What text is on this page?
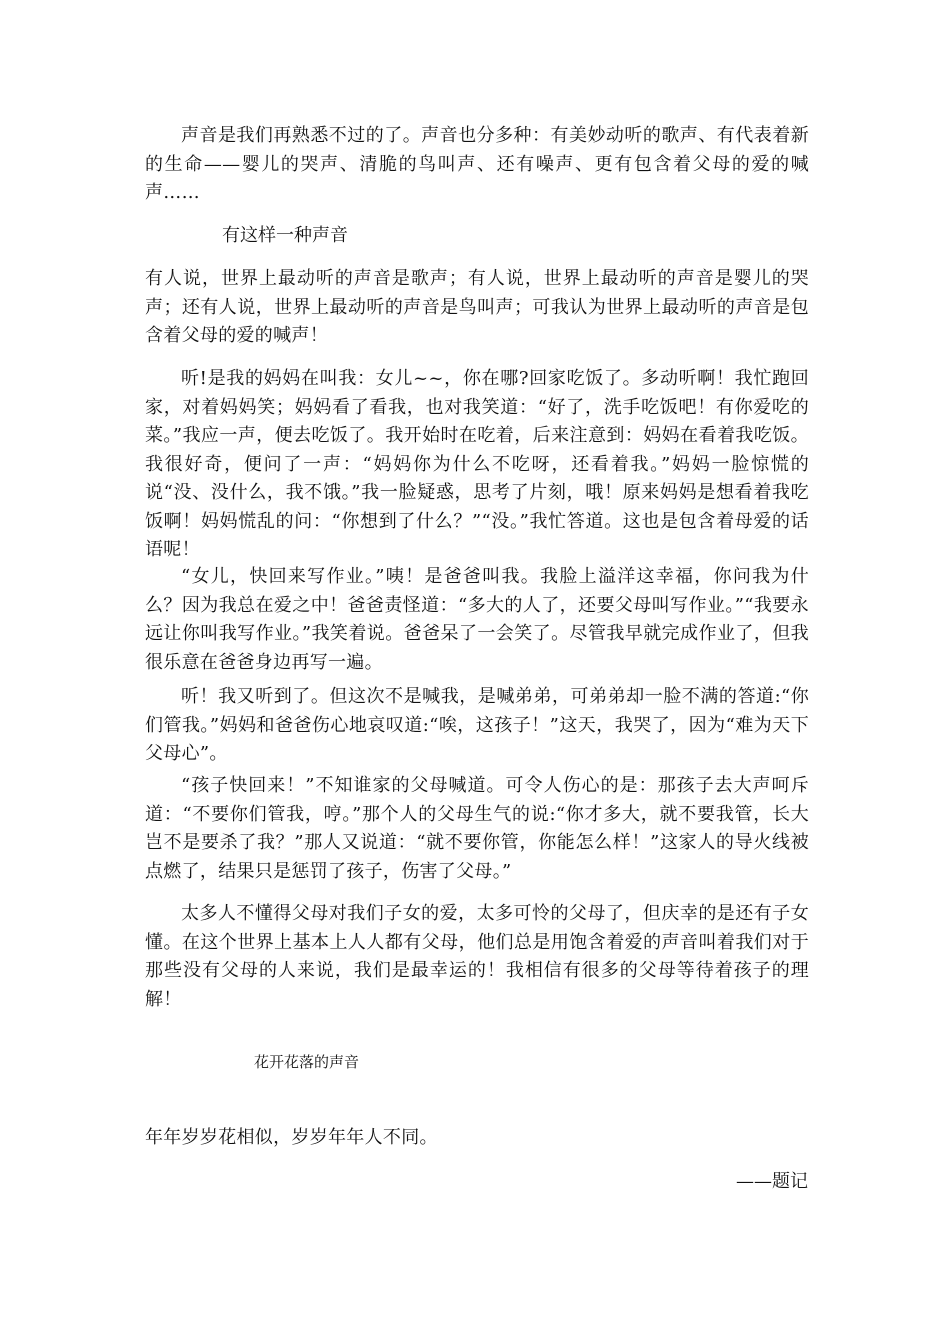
声音是我们再熟悉不过的了。声音也分多种：有美妙动听的歌声、有代表着新的生命——婴儿的哭声、清脆的鸟叫声、还有噪声、更有包含着父母的爱的喊声……

有这样一种声音

有人说，世界上最动听的声音是歌声；有人说，世界上最动听的声音是婴儿的哭声；还有人说，世界上最动听的声音是鸟叫声；可我认为世界上最动听的声音是包含着父母的爱的喊声！

听!是我的妈妈在叫我：女儿~~，你在哪?回家吃饭了。多动听啊！我忙跑回家，对着妈妈笑；妈妈看了看我，也对我笑道：“好了，洗手吃饭吧！有你爱吃的菜。”我应一声，便去吃饭了。我开始时在吃着，后来注意到：妈妈在看着我吃饭。我很好奇，便问了一声：“妈妈你为什么不吃呀，还看着我。”妈妈一脸惊慌的说“没、没什么，我不饿。”我一脸疑惑，思考了片刻，哦！原来妈妈是想看着我吃饭啊！妈妈慌乱的问：“你想到了什么？”“没。”我忙答道。这也是包含着母爱的话语呢！

“女儿，快回来写作业。”咦！是爸爸叫我。我脸上溢洋这幸福，你问我为什么？因为我总在爱之中！爸爸责怪道：“多大的人了，还要父母叫写作业。”“我要永远让你叫我写作业。”我笑着说。爸爸呆了一会笑了。尽管我早就完成作业了，但我很乐意在爸爸身边再写一遍。

听！我又听到了。但这次不是喊我，是喊弟弟，可弟弟却一脸不满的答道:“你们管我。”妈妈和爸爸伤心地哀叹道:“唉，这孩子！”这天，我哭了，因为“难为天下父母心”。

“孩子快回来！”不知谁家的父母喊道。可令人伤心的是：那孩子去大声呵斥道：“不要你们管我，哼。”那个人的父母生气的说:“你才多大，就不要我管，长大岂不是要杀了我？”那人又说道：“就不要你管，你能怎么样！”这家人的导火线被点燃了，结果只是惩罚了孩子，伤害了父母。”

太多人不懂得父母对我们子女的爱，太多可怜的父母了，但庆幸的是还有子女懂。在这个世界上基本上人人都有父母，他们总是用饱含着爱的声音叫着我们对于那些没有父母的人来说，我们是最幸运的！我相信有很多的父母等待着孩子的理解！

花开花落的声音

年年岁岁花相似，岁岁年年人不同。

——题记
